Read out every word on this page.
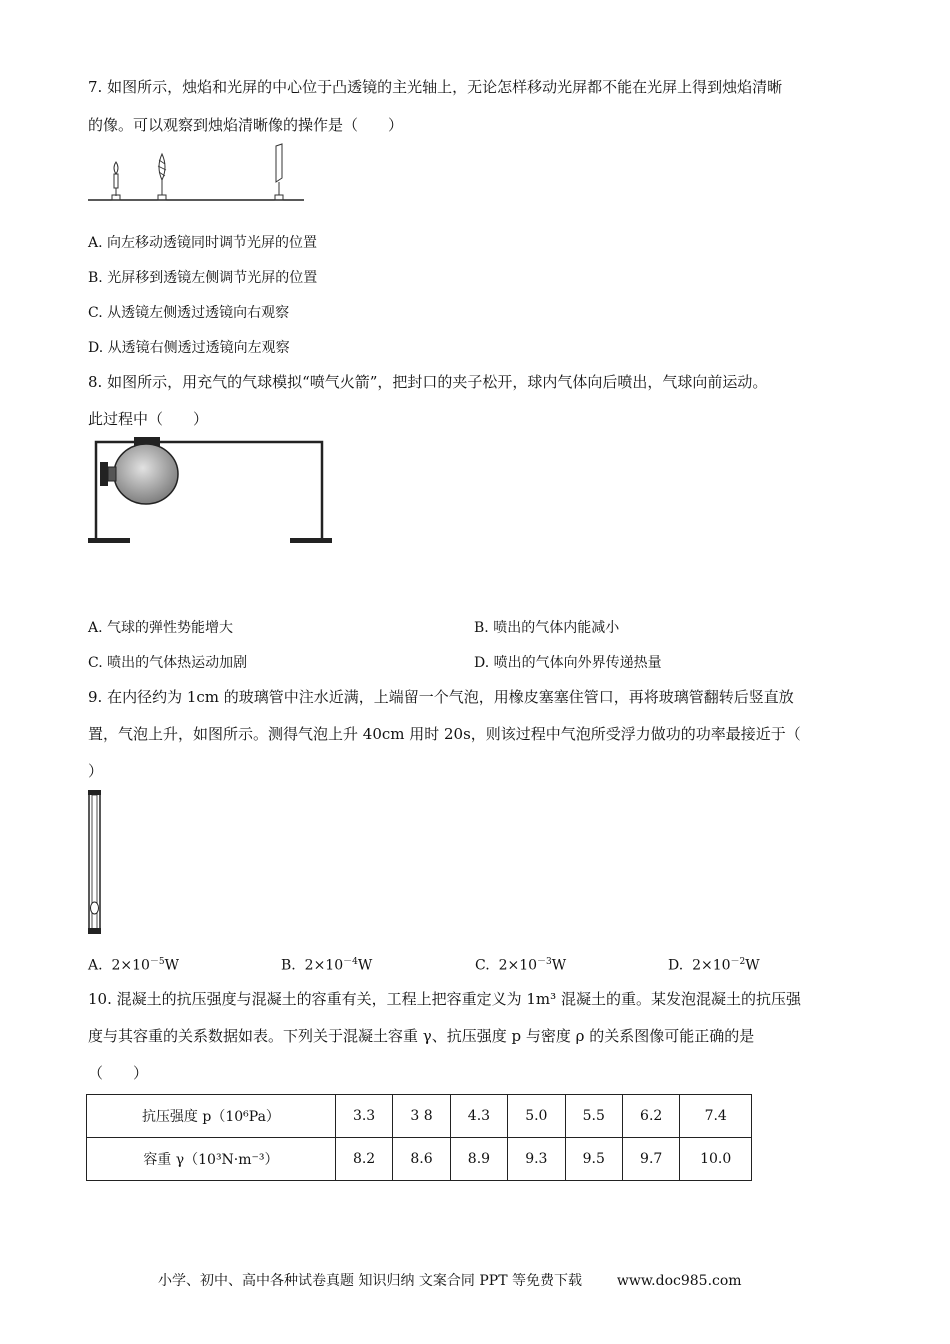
7. 如图所示，烛焰和光屏的中心位于凸透镜的主光轴上，无论怎样移动光屏都不能在光屏上得到烛焰清晰
的像。可以观察到烛焰清晰像的操作是（　　）
A. 向左移动透镜同时调节光屏的位置
B. 光屏移到透镜左侧调节光屏的位置
C. 从透镜左侧透过透镜向右观察
D. 从透镜右侧透过透镜向左观察
8. 如图所示，用充气的气球模拟“喷气火箭”，把封口的夹子松开，球内气体向后喷出，气球向前运动。
此过程中（　　）
A. 气球的弹性势能增大	B. 喷出的气体内能减小
C. 喷出的气体热运动加剧	D. 喷出的气体向外界传递热量
9. 在内径约为 1cm 的玻璃管中注水近满，上端留一个气泡，用橡皮塞塞住管口，再将玻璃管翻转后竖直放
置，气泡上升，如图所示。测得气泡上升 40cm 用时 20s，则该过程中气泡所受浮力做功的功率最接近于（
）
A. $2\times 10^{-5}W$	B. $2\times 10^{-4}W$	C. $2\times 10^{-3}W$	D. $2\times 10^{-2}W$
10. 混凝土的抗压强度与混凝土的容重有关，工程上把容重定义为 1m³ 混凝土的重。某发泡混凝土的抗压强
度与其容重的关系数据如表。下列关于混凝土容重 γ、抗压强度 p 与密度 ρ 的关系图像可能正确的是
（　　）
抗压强度 p（10⁶Pa）	3.3	3 8	4.3	5.0	5.5	6.2	7.4
容重 γ（10³N·m⁻³）	8.2	8.6	8.9	9.3	9.5	9.7	10.0
小学、初中、高中各种试卷真题 知识归纳 文案合同 PPT 等免费下载 www.doc985.com
